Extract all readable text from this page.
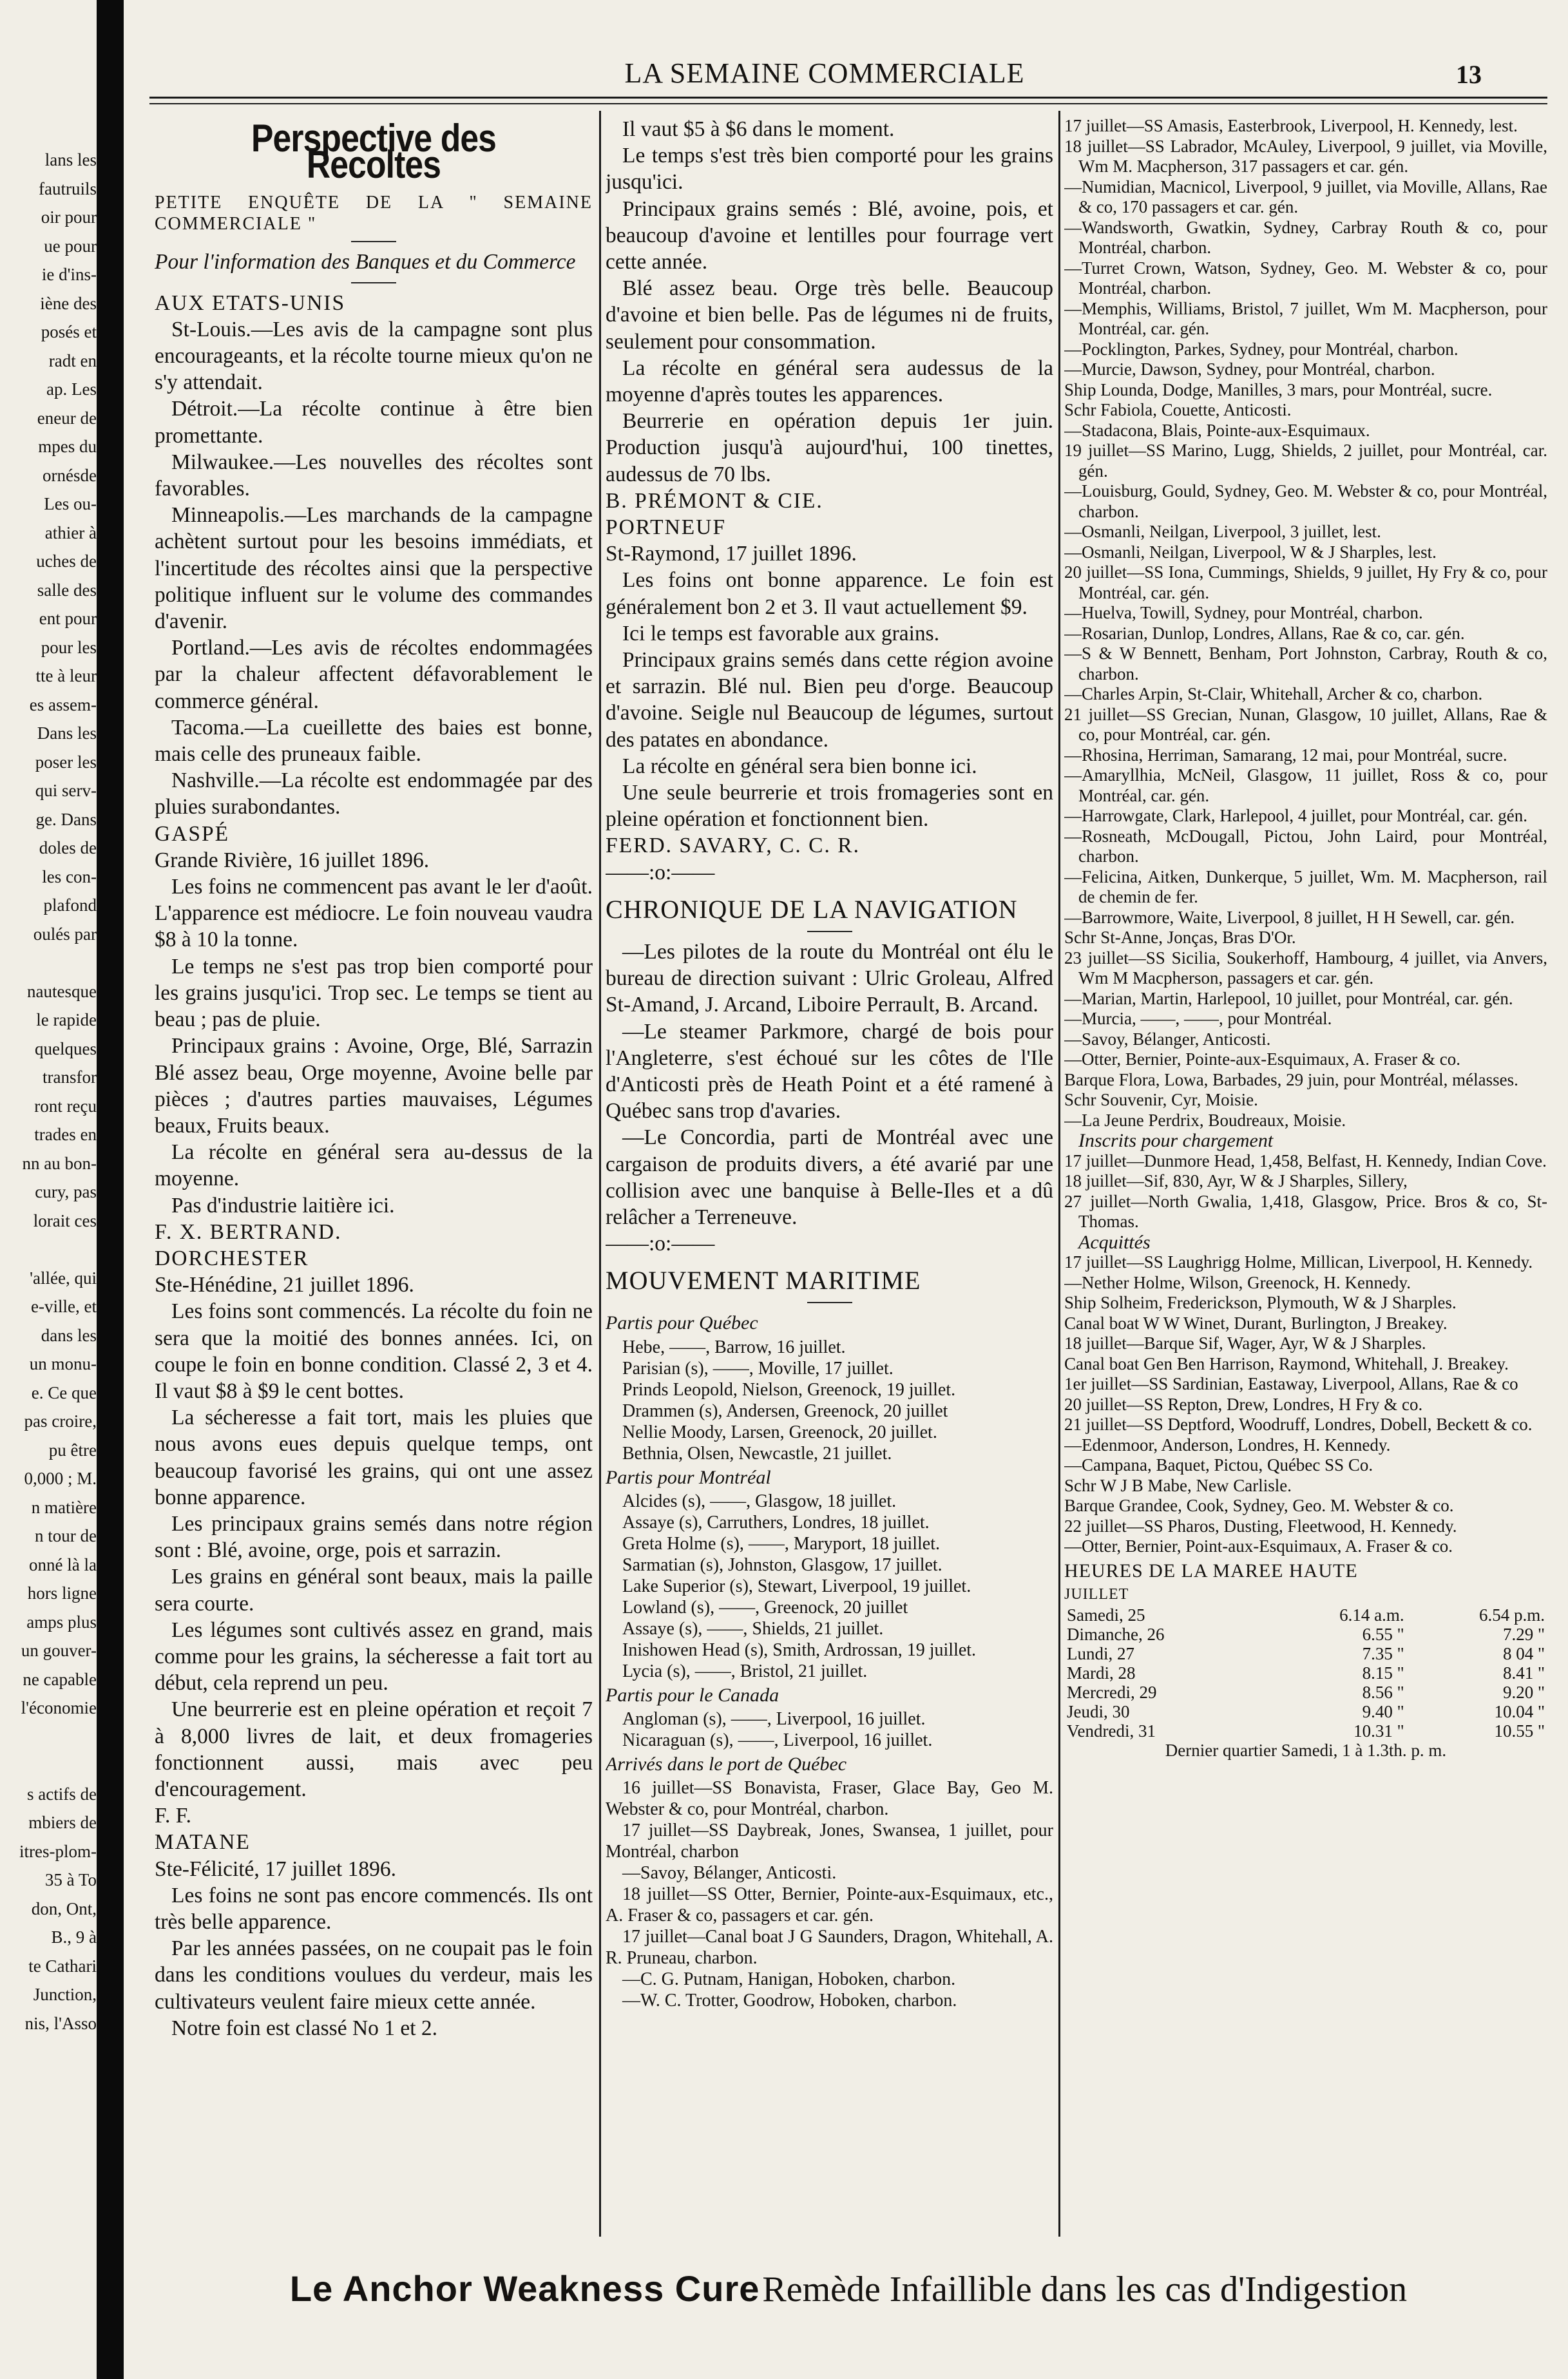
lans les
fautruils
oir pour
ue pour
ie d'ins-
iène des
posés et
radt en
ap. Les
eneur de
mpes du
ornésde
Les ou-
athier à
uches de
salle des
ent pour
pour les
tte à leur
es assem-
Dans les
poser les
qui serv-
ge. Dans
doles de
les con-
plafond
oulés par
nautesque
le rapide
quelques
transfor
ront reçu
trades en
nn au bon-
cury, pas
lorait ces
'allée, qui
e-ville, et
dans les
un monu-
e. Ce que
pas croire,
pu être
0,000 ; M.
n matière
n tour de
onné là la
hors ligne
amps plus
un gouver-
ne capable
l'économie
s actifs de
mbiers de
itres-plom-
35 à To
don, Ont,
B., 9 à
te Cathari
Junction,
nis, l'Asso
LA SEMAINE COMMERCIALE	13
Perspective des Recoltes

PETITE ENQUÊTE DE LA " SEMAINE COMMERCIALE "

Pour l'information des Banques et du Commerce

AUX ETATS-UNIS

St-Louis.—Les avis de la campagne sont plus encourageants, et la récolte tourne mieux qu'on ne s'y attendait.

Détroit.—La récolte continue à être bien promettante.

Milwaukee.—Les nouvelles des récoltes sont favorables.

Minneapolis.—Les marchands de la campagne achètent surtout pour les besoins immédiats, et l'incertitude des récoltes ainsi que la perspective politique influent sur le volume des commandes d'avenir.

Portland.—Les avis de récoltes endommagées par la chaleur affectent défavorablement le commerce général.

Tacoma.—La cueillette des baies est bonne, mais celle des pruneaux faible.

Nashville.—La récolte est endommagée par des pluies surabondantes.

GASPÉ

Grande Rivière, 16 juillet 1896.

Les foins ne commencent pas avant le ler d'août. L'apparence est médiocre. Le foin nouveau vaudra $8 à 10 la tonne.

Le temps ne s'est pas trop bien comporté pour les grains jusqu'ici. Trop sec. Le temps se tient au beau ; pas de pluie.

Principaux grains : Avoine, Orge, Blé, Sarrazin Blé assez beau, Orge moyenne, Avoine belle par pièces ; d'autres parties mauvaises, Légumes beaux, Fruits beaux.

La récolte en général sera au-dessus de la moyenne.

Pas d'industrie laitière ici.

F. X. BERTRAND.

DORCHESTER

Ste-Hénédine, 21 juillet 1896.

Les foins sont commencés. La récolte du foin ne sera que la moitié des bonnes années. Ici, on coupe le foin en bonne condition. Classé 2, 3 et 4. Il vaut $8 à $9 le cent bottes.

La sécheresse a fait tort, mais les pluies que nous avons eues depuis quelque temps, ont beaucoup favorisé les grains, qui ont une assez bonne apparence.

Les principaux grains semés dans notre région sont : Blé, avoine, orge, pois et sarrazin.

Les grains en général sont beaux, mais la paille sera courte.

Les légumes sont cultivés assez en grand, mais comme pour les grains, la sécheresse a fait tort au début, cela reprend un peu.

Une beurrerie est en pleine opération et reçoit 7 à 8,000 livres de lait, et deux fromageries fonctionnent aussi, mais avec peu d'encouragement.

F. F.

MATANE

Ste-Félicité, 17 juillet 1896.

Les foins ne sont pas encore commencés. Ils ont très belle apparence.

Par les années passées, on ne coupait pas le foin dans les conditions voulues du verdeur, mais les cultivateurs veulent faire mieux cette année.

Notre foin est classé No 1 et 2.

Il vaut $5 à $6 dans le moment.

Le temps s'est très bien comporté pour les grains jusqu'ici.

Principaux grains semés : Blé, avoine, pois, et beaucoup d'avoine et lentilles pour fourrage vert cette année.

Blé assez beau. Orge très belle. Beaucoup d'avoine et bien belle. Pas de légumes ni de fruits, seulement pour consommation.

La récolte en général sera audessus de la moyenne d'après toutes les apparences.

Beurrerie en opération depuis 1er juin. Production jusqu'à aujourd'hui, 100 tinettes, audessus de 70 lbs.

B. PRÉMONT & CIE.

PORTNEUF

St-Raymond, 17 juillet 1896.

Les foins ont bonne apparence. Le foin est généralement bon 2 et 3. Il vaut actuellement $9.

Ici le temps est favorable aux grains.

Principaux grains semés dans cette région avoine et sarrazin. Blé nul. Bien peu d'orge. Beaucoup d'avoine. Seigle nul Beaucoup de légumes, surtout des patates en abondance.

La récolte en général sera bien bonne ici.

Une seule beurrerie et trois fromageries sont en pleine opération et fonctionnent bien.

FERD. SAVARY, C. C. R.

——:o:——

CHRONIQUE DE LA NAVIGATION

—Les pilotes de la route du Montréal ont élu le bureau de direction suivant : Ulric Groleau, Alfred St-Amand, J. Arcand, Liboire Perrault, B. Arcand.

—Le steamer Parkmore, chargé de bois pour l'Angleterre, s'est échoué sur les côtes de l'Ile d'Anticosti près de Heath Point et a été ramené à Québec sans trop d'avaries.

—Le Concordia, parti de Montréal avec une cargaison de produits divers, a été avarié par une collision avec une banquise à Belle-Iles et a dû relâcher a Terreneuve.

——:o:——

MOUVEMENT MARITIME

Partis pour Québec

Hebe, ——, Barrow, 16 juillet.

Parisian (s), ——, Moville, 17 juillet.

Prinds Leopold, Nielson, Greenock, 19 juillet.

Drammen (s), Andersen, Greenock, 20 juillet

Nellie Moody, Larsen, Greenock, 20 juillet.

Bethnia, Olsen, Newcastle, 21 juillet.

Partis pour Montréal

Alcides (s), ——, Glasgow, 18 juillet.

Assaye (s), Carruthers, Londres, 18 juillet.

Greta Holme (s), ——, Maryport, 18 juillet.

Sarmatian (s), Johnston, Glasgow, 17 juillet.

Lake Superior (s), Stewart, Liverpool, 19 juillet.

Lowland (s), ——, Greenock, 20 juillet

Assaye (s), ——, Shields, 21 juillet.

Inishowen Head (s), Smith, Ardrossan, 19 juillet.

Lycia (s), ——, Bristol, 21 juillet.

Partis pour le Canada

Angloman (s), ——, Liverpool, 16 juillet.

Nicaraguan (s), ——, Liverpool, 16 juillet.

Arrivés dans le port de Québec

16 juillet—SS Bonavista, Fraser, Glace Bay, Geo M. Webster & co, pour Montréal, charbon.

17 juillet—SS Daybreak, Jones, Swansea, 1 juillet, pour Montréal, charbon

—Savoy, Bélanger, Anticosti.

18 juillet—SS Otter, Bernier, Pointe-aux-Esquimaux, etc., A. Fraser & co, passagers et car. gén.

17 juillet—Canal boat J G Saunders, Dragon, Whitehall, A. R. Pruneau, charbon.

—C. G. Putnam, Hanigan, Hoboken, charbon.

—W. C. Trotter, Goodrow, Hoboken, charbon.

17 juillet—SS Amasis, Easterbrook, Liverpool, H. Kennedy, lest.

18 juillet—SS Labrador, McAuley, Liverpool, 9 juillet, via Moville, Wm M. Macpherson, 317 passagers et car. gén.

—Numidian, Macnicol, Liverpool, 9 juillet, via Moville, Allans, Rae & co, 170 passagers et car. gén.

—Wandsworth, Gwatkin, Sydney, Carbray Routh & co, pour Montréal, charbon.

—Turret Crown, Watson, Sydney, Geo. M. Webster & co, pour Montréal, charbon.

—Memphis, Williams, Bristol, 7 juillet, Wm M. Macpherson, pour Montréal, car. gén.

—Pocklington, Parkes, Sydney, pour Montréal, charbon.

—Murcie, Dawson, Sydney, pour Montréal, charbon.

Ship Lounda, Dodge, Manilles, 3 mars, pour Montréal, sucre.

Schr Fabiola, Couette, Anticosti.

—Stadacona, Blais, Pointe-aux-Esquimaux.

19 juillet—SS Marino, Lugg, Shields, 2 juillet, pour Montréal, car. gén.

—Louisburg, Gould, Sydney, Geo. M. Webster & co, pour Montréal, charbon.

—Osmanli, Neilgan, Liverpool, 3 juillet, lest.

—Osmanli, Neilgan, Liverpool, W & J Sharples, lest.

20 juillet—SS Iona, Cummings, Shields, 9 juillet, Hy Fry & co, pour Montréal, car. gén.

—Huelva, Towill, Sydney, pour Montréal, charbon.

—Rosarian, Dunlop, Londres, Allans, Rae & co, car. gén.

—S & W Bennett, Benham, Port Johnston, Carbray, Routh & co, charbon.

—Charles Arpin, St-Clair, Whitehall, Archer & co, charbon.

21 juillet—SS Grecian, Nunan, Glasgow, 10 juillet, Allans, Rae & co, pour Montréal, car. gén.

—Rhosina, Herriman, Samarang, 12 mai, pour Montréal, sucre.

—Amaryllhia, McNeil, Glasgow, 11 juillet, Ross & co, pour Montréal, car. gén.

—Harrowgate, Clark, Harlepool, 4 juillet, pour Montréal, car. gén.

—Rosneath, McDougall, Pictou, John Laird, pour Montréal, charbon.

—Felicina, Aitken, Dunkerque, 5 juillet, Wm. M. Macpherson, rail de chemin de fer.

—Barrowmore, Waite, Liverpool, 8 juillet, H H Sewell, car. gén.

Schr St-Anne, Jonças, Bras D'Or.

23 juillet—SS Sicilia, Soukerhoff, Hambourg, 4 juillet, via Anvers, Wm M Macpherson, passagers et car. gén.

—Marian, Martin, Harlepool, 10 juillet, pour Montréal, car. gén.

—Murcia, ——, ——, pour Montréal.

—Savoy, Bélanger, Anticosti.

—Otter, Bernier, Pointe-aux-Esquimaux, A. Fraser & co.

Barque Flora, Lowa, Barbades, 29 juin, pour Montréal, mélasses.

Schr Souvenir, Cyr, Moisie.

—La Jeune Perdrix, Boudreaux, Moisie.

Inscrits pour chargement

17 juillet—Dunmore Head, 1,458, Belfast, H. Kennedy, Indian Cove.

18 juillet—Sif, 830, Ayr, W & J Sharples, Sillery,

27 juillet—North Gwalia, 1,418, Glasgow, Price. Bros & co, St-Thomas.

Acquittés

17 juillet—SS Laughrigg Holme, Millican, Liverpool, H. Kennedy.

—Nether Holme, Wilson, Greenock, H. Kennedy.

Ship Solheim, Frederickson, Plymouth, W & J Sharples.

Canal boat W W Winet, Durant, Burlington, J Breakey.

18 juillet—Barque Sif, Wager, Ayr, W & J Sharples.

Canal boat Gen Ben Harrison, Raymond, Whitehall, J. Breakey.

1er juillet—SS Sardinian, Eastaway, Liverpool, Allans, Rae & co

20 juillet—SS Repton, Drew, Londres, H Fry & co.

21 juillet—SS Deptford, Woodruff, Londres, Dobell, Beckett & co.

—Edenmoor, Anderson, Londres, H. Kennedy.

—Campana, Baquet, Pictou, Québec SS Co.

Schr W J B Mabe, New Carlisle.

Barque Grandee, Cook, Sydney, Geo. M. Webster & co.

22 juillet—SS Pharos, Dusting, Fleetwood, H. Kennedy.

—Otter, Bernier, Point-aux-Esquimaux, A. Fraser & co.

HEURES DE LA MAREE HAUTE

JUILLET

Samedi, 25	6.14 a.m.	6.54 p.m.
Dimanche, 26	6.55 "	7.29 "
Lundi, 27	7.35 "	8 04 "
Mardi, 28	8.15 "	8.41 "
Mercredi, 29	8.56 "	9.20 "
Jeudi, 30	9.40 "	10.04 "
Vendredi, 31	10.31 "	10.55 "

Dernier quartier Samedi, 1 à 1.3th. p. m.

Le Anchor Weakness Cure Remède Infaillible dans les cas d'Indigestion
